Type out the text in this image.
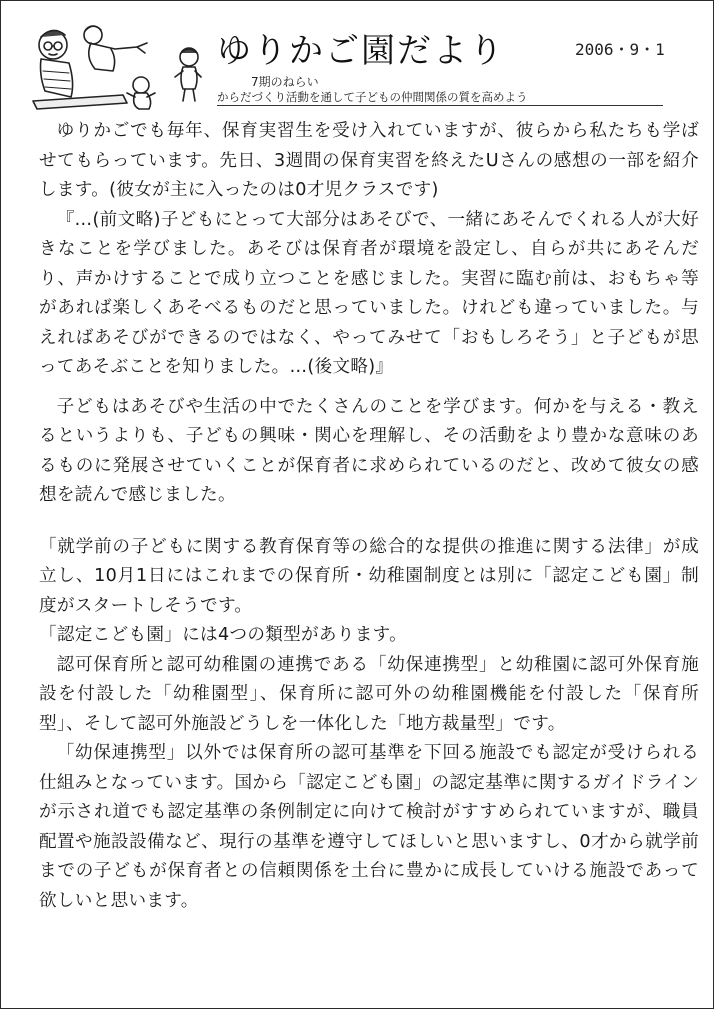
ゆりかご園だより	2006・9・1
7期のねらい
からだづくり活動を通して子どもの仲間関係の質を高めよう

ゆりかごでも毎年、保育実習生を受け入れていますが、彼らから私たちも学ばせてもらっています。先日、3週間の保育実習を終えたUさんの感想の一部を紹介します。(彼女が主に入ったのは0才児クラスです)

『…(前文略)子どもにとって大部分はあそびで、一緒にあそんでくれる人が大好きなことを学びました。あそびは保育者が環境を設定し、自らが共にあそんだり、声かけすることで成り立つことを感じました。実習に臨む前は、おもちゃ等があれば楽しくあそべるものだと思っていました。けれども違っていました。与えればあそびができるのではなく、やってみせて「おもしろそう」と子どもが思ってあそぶことを知りました。…(後文略)』

子どもはあそびや生活の中でたくさんのことを学びます。何かを与える・教えるというよりも、子どもの興味・関心を理解し、その活動をより豊かな意味のあるものに発展させていくことが保育者に求められているのだと、改めて彼女の感想を読んで感じました。

「就学前の子どもに関する教育保育等の総合的な提供の推進に関する法律」が成立し、10月1日にはこれまでの保育所・幼稚園制度とは別に「認定こども園」制度がスタートしそうです。

「認定こども園」には4つの類型があります。

認可保育所と認可幼稚園の連携である「幼保連携型」と幼稚園に認可外保育施設を付設した「幼稚園型」、保育所に認可外の幼稚園機能を付設した「保育所型」、そして認可外施設どうしを一体化した「地方裁量型」です。

「幼保連携型」以外では保育所の認可基準を下回る施設でも認定が受けられる仕組みとなっています。国から「認定こども園」の認定基準に関するガイドラインが示され道でも認定基準の条例制定に向けて検討がすすめられていますが、職員配置や施設設備など、現行の基準を遵守してほしいと思いますし、0才から就学前までの子どもが保育者との信頼関係を土台に豊かに成長していける施設であって欲しいと思います。
